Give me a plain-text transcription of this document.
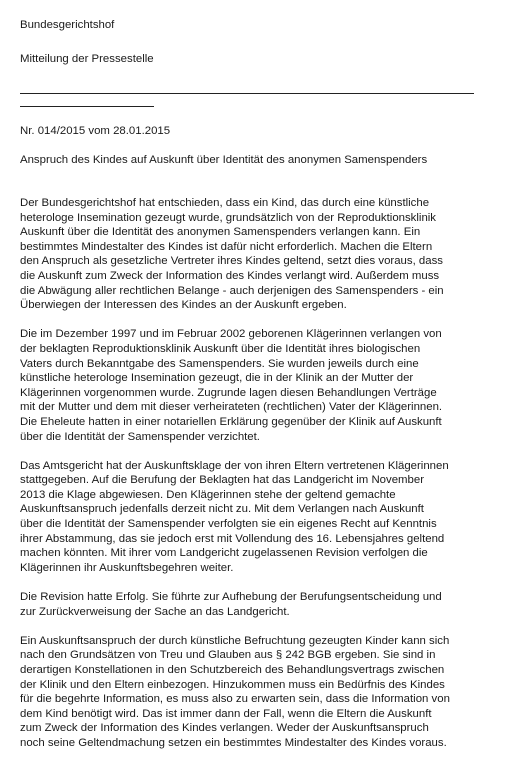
Bundesgerichtshof
Mitteilung der Pressestelle
Nr. 014/2015 vom 28.01.2015
Anspruch des Kindes auf Auskunft über Identität des anonymen Samenspenders

Der Bundesgerichtshof hat entschieden, dass ein Kind, das durch eine künstliche
heterologe Insemination gezeugt wurde, grundsätzlich von der Reproduktionsklinik
Auskunft über die Identität des anonymen Samenspenders verlangen kann. Ein
bestimmtes Mindestalter des Kindes ist dafür nicht erforderlich. Machen die Eltern
den Anspruch als gesetzliche Vertreter ihres Kindes geltend, setzt dies voraus, dass
die Auskunft zum Zweck der Information des Kindes verlangt wird. Außerdem muss
die Abwägung aller rechtlichen Belange - auch derjenigen des Samenspenders - ein
Überwiegen der Interessen des Kindes an der Auskunft ergeben.

Die im Dezember 1997 und im Februar 2002 geborenen Klägerinnen verlangen von
der beklagten Reproduktionsklinik Auskunft über die Identität ihres biologischen
Vaters durch Bekanntgabe des Samenspenders. Sie wurden jeweils durch eine
künstliche heterologe Insemination gezeugt, die in der Klinik an der Mutter der
Klägerinnen vorgenommen wurde. Zugrunde lagen diesen Behandlungen Verträge
mit der Mutter und dem mit dieser verheirateten (rechtlichen) Vater der Klägerinnen.
Die Eheleute hatten in einer notariellen Erklärung gegenüber der Klinik auf Auskunft
über die Identität der Samenspender verzichtet.

Das Amtsgericht hat der Auskunftsklage der von ihren Eltern vertretenen Klägerinnen
stattgegeben. Auf die Berufung der Beklagten hat das Landgericht im November
2013 die Klage abgewiesen. Den Klägerinnen stehe der geltend gemachte
Auskunftsanspruch jedenfalls derzeit nicht zu. Mit dem Verlangen nach Auskunft
über die Identität der Samenspender verfolgten sie ein eigenes Recht auf Kenntnis
ihrer Abstammung, das sie jedoch erst mit Vollendung des 16. Lebensjahres geltend
machen könnten. Mit ihrer vom Landgericht zugelassenen Revision verfolgen die
Klägerinnen ihr Auskunftsbegehren weiter.

Die Revision hatte Erfolg. Sie führte zur Aufhebung der Berufungsentscheidung und
zur Zurückverweisung der Sache an das Landgericht.

Ein Auskunftsanspruch der durch künstliche Befruchtung gezeugten Kinder kann sich
nach den Grundsätzen von Treu und Glauben aus § 242 BGB ergeben. Sie sind in
derartigen Konstellationen in den Schutzbereich des Behandlungsvertrags zwischen
der Klinik und den Eltern einbezogen. Hinzukommen muss ein Bedürfnis des Kindes
für die begehrte Information, es muss also zu erwarten sein, dass die Information von
dem Kind benötigt wird. Das ist immer dann der Fall, wenn die Eltern die Auskunft
zum Zweck der Information des Kindes verlangen. Weder der Auskunftsanspruch
noch seine Geltendmachung setzen ein bestimmtes Mindestalter des Kindes voraus.
